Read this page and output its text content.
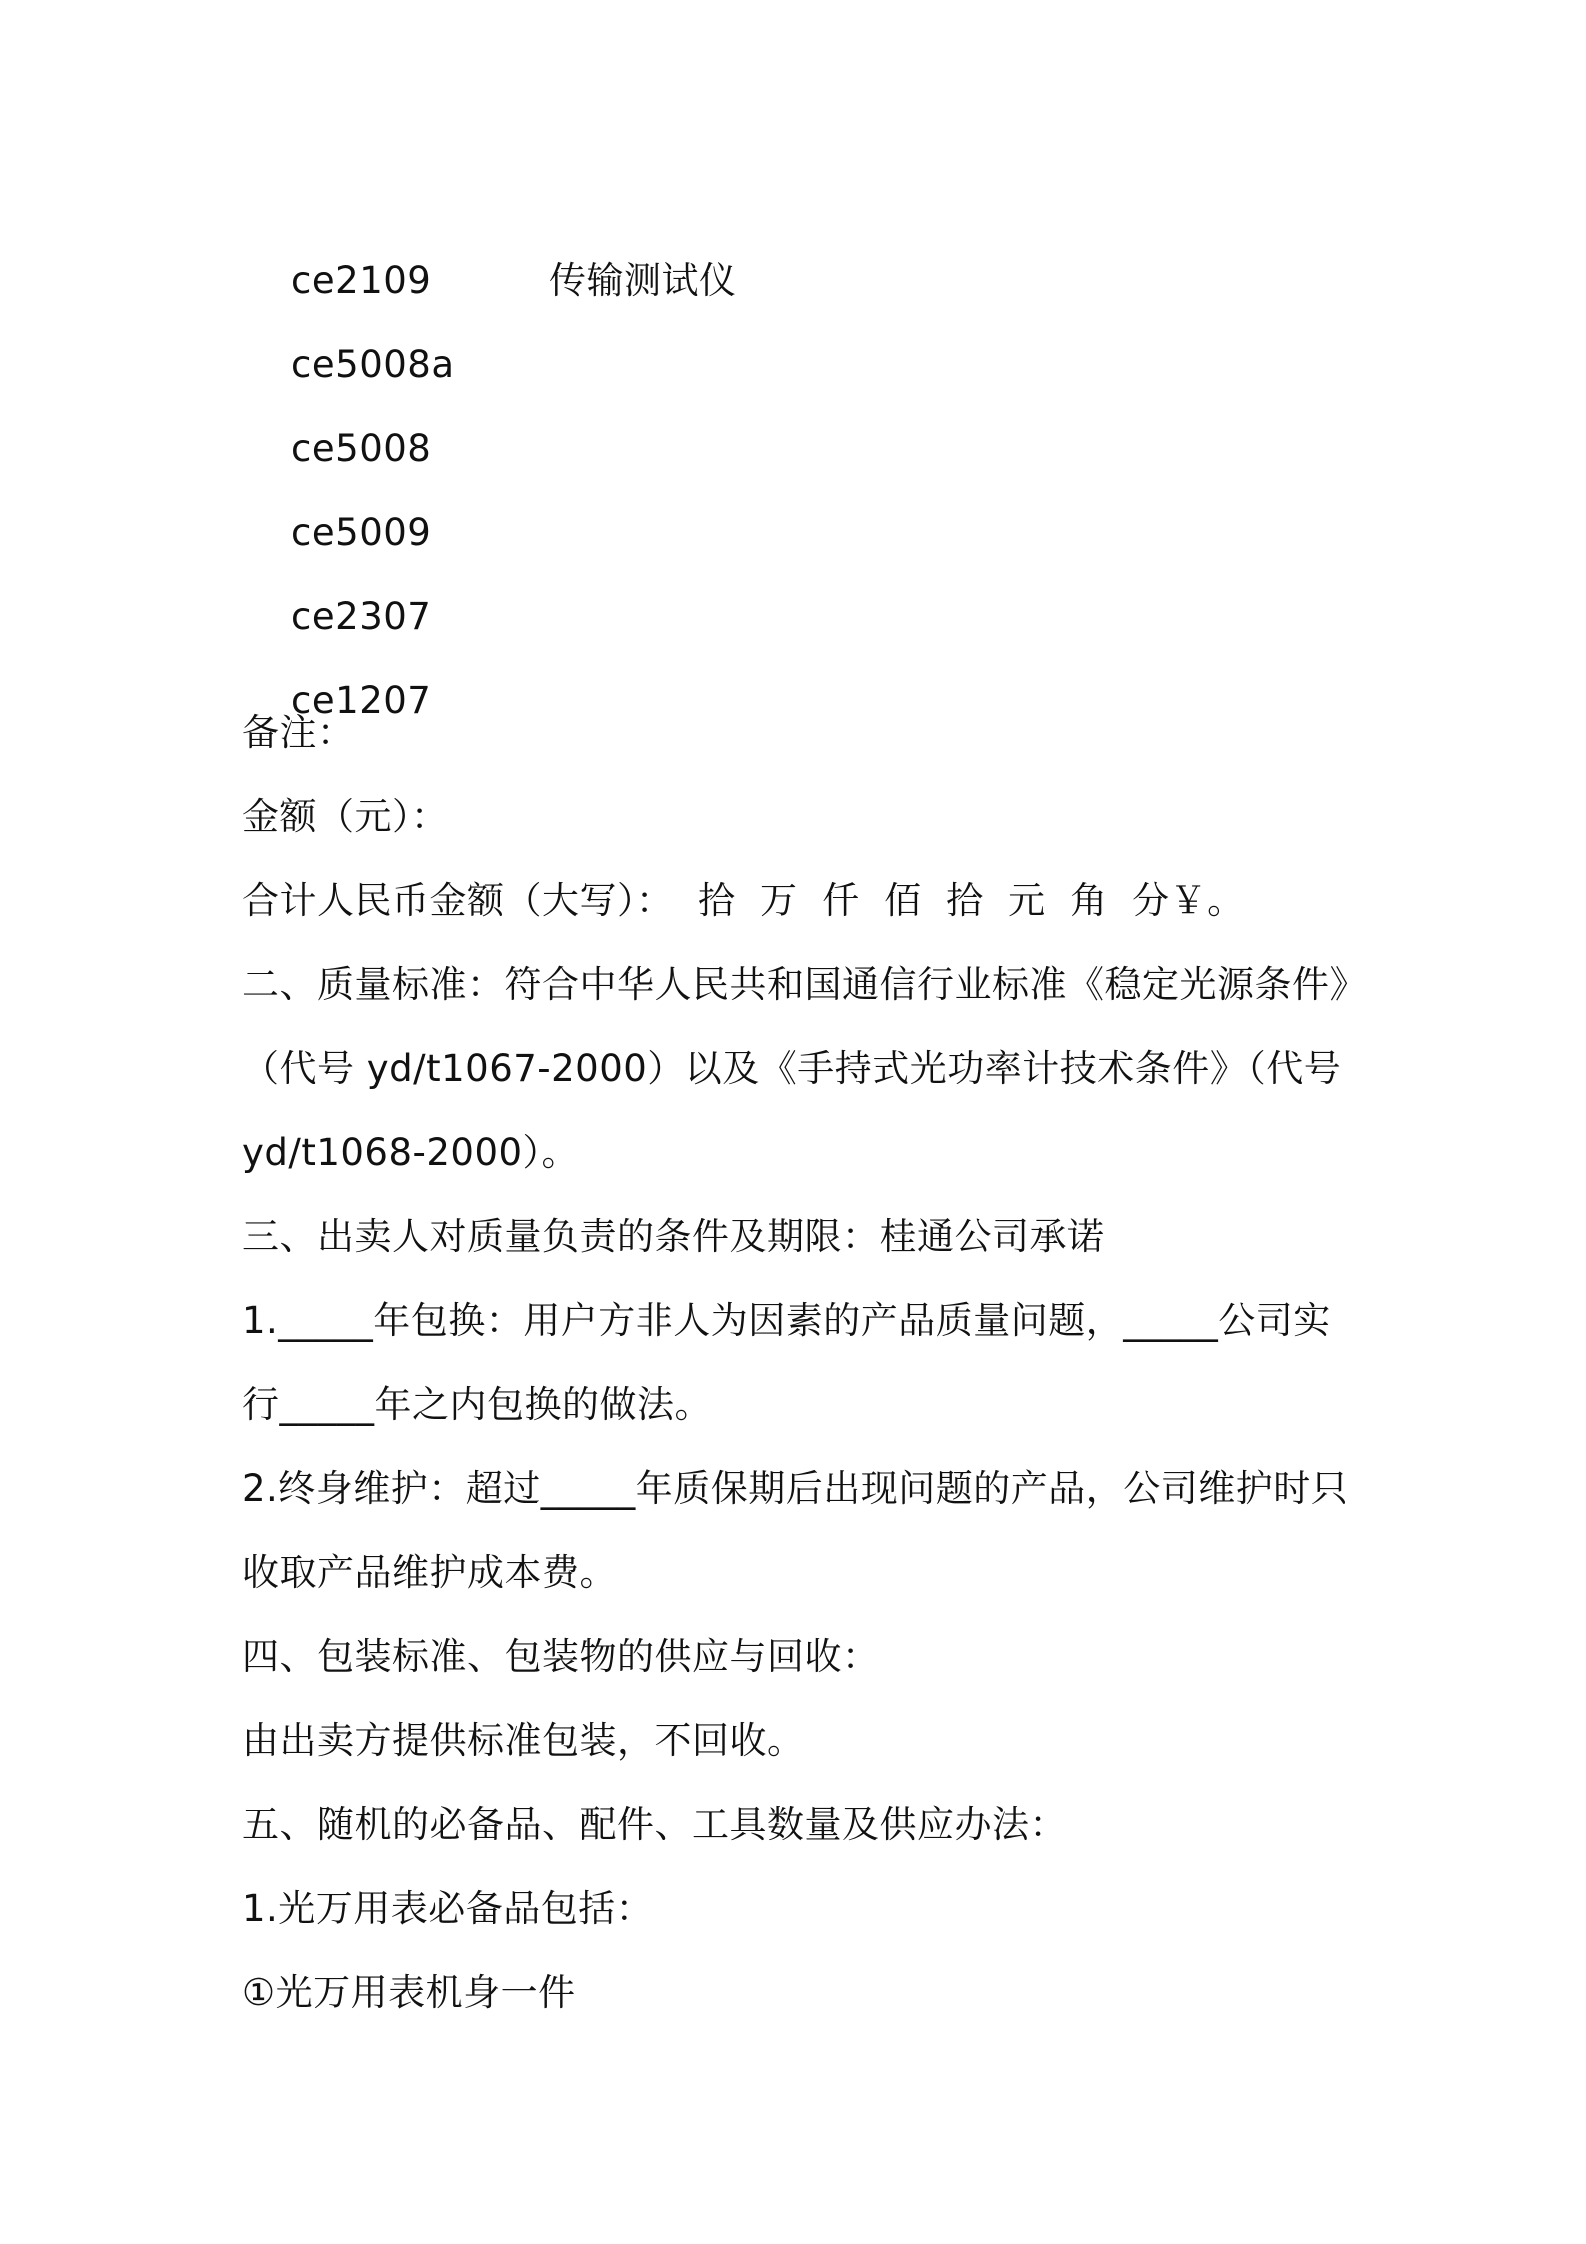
ce2109	传输测试仪

ce5008a

ce5008

ce5009

ce2307

ce1207

备注：
金额（元）：
合计人民币金额（大写）：  拾  万  仟  佰  拾  元  角  分￥。
二、质量标准：符合中华人民共和国通信行业标准《稳定光源条件》
（代号 yd/t1067-2000）以及《手持式光功率计技术条件》（代号
yd/t1068-2000）。
三、出卖人对质量负责的条件及期限：桂通公司承诺
1._____年包换：用户方非人为因素的产品质量问题，_____公司实
行_____年之内包换的做法。
2.终身维护：超过_____年质保期后出现问题的产品，公司维护时只
收取产品维护成本费。
四、包装标准、包装物的供应与回收：
由出卖方提供标准包装，不回收。
五、随机的必备品、配件、工具数量及供应办法：
1.光万用表必备品包括：
①光万用表机身一件
